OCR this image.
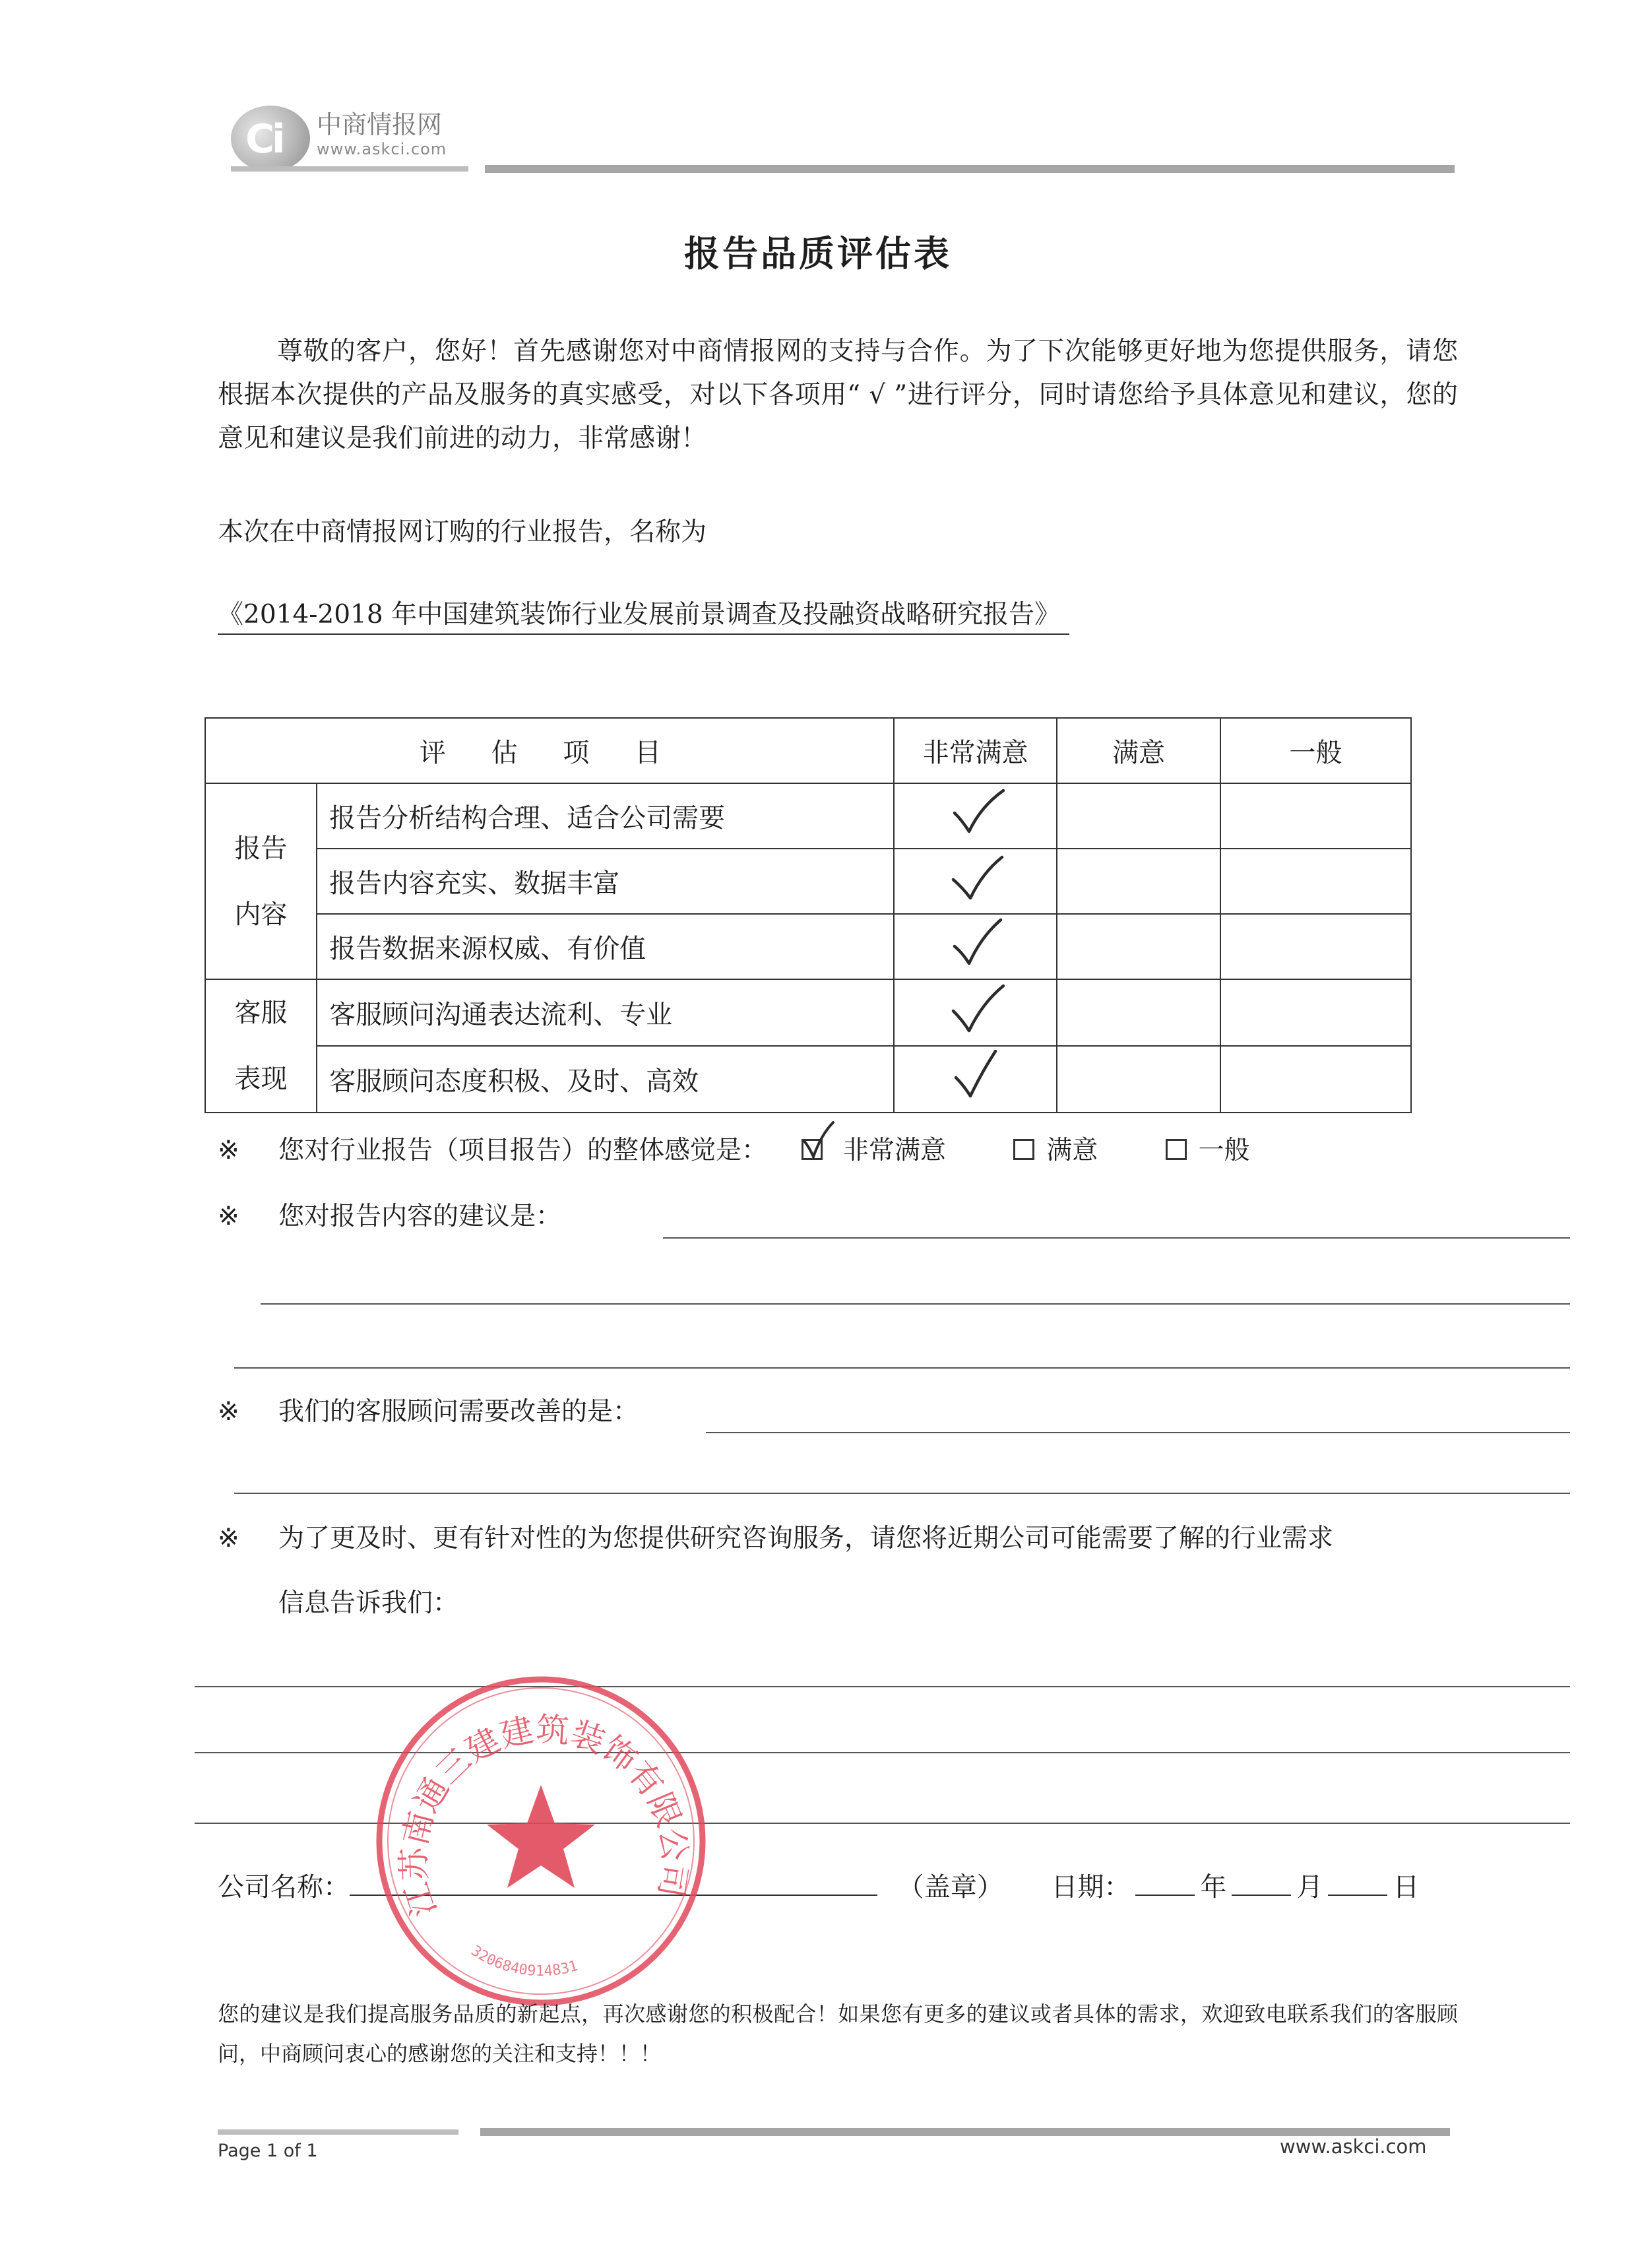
Ci 中商情报网
www.askci.com
报告品质评估表
尊敬的客户，您好！首先感谢您对中商情报网的支持与合作。为了下次能够更好地为您提供服务，请您根据本次提供的产品及服务的真实感受，对以下各项用“ √ ”进行评分，同时请您给予具体意见和建议，您的意见和建议是我们前进的动力，非常感谢！
本次在中商情报网订购的行业报告，名称为
《2014-2018 年中国建筑装饰行业发展前景调查及投融资战略研究报告》
评 估 项 目		非常满意	满意	一般
报告
内容	报告分析结构合理、适合公司需要			
	报告内容充实、数据丰富			
	报告数据来源权威、有价值			
客服
表现	客服顾问沟通表达流利、专业			
	客服顾问态度积极、及时、高效			
※ 您对行业报告（项目报告）的整体感觉是：	非常满意	满意	一般
※ 您对报告内容的建议是：
※ 我们的客服顾问需要改善的是：
※ 为了更及时、更有针对性的为您提供研究咨询服务，请您将近期公司可能需要了解的行业需求
信息告诉我们：
公司名称：	（盖章） 日期：	年	月	日
江苏南通三建建筑装饰有限公司
3206840914831
您的建议是我们提高服务品质的新起点，再次感谢您的积极配合！如果您有更多的建议或者具体的需求，欢迎致电联系我们的客服顾问，中商顾问衷心的感谢您的关注和支持！！！
Page 1 of 1	www.askci.com
